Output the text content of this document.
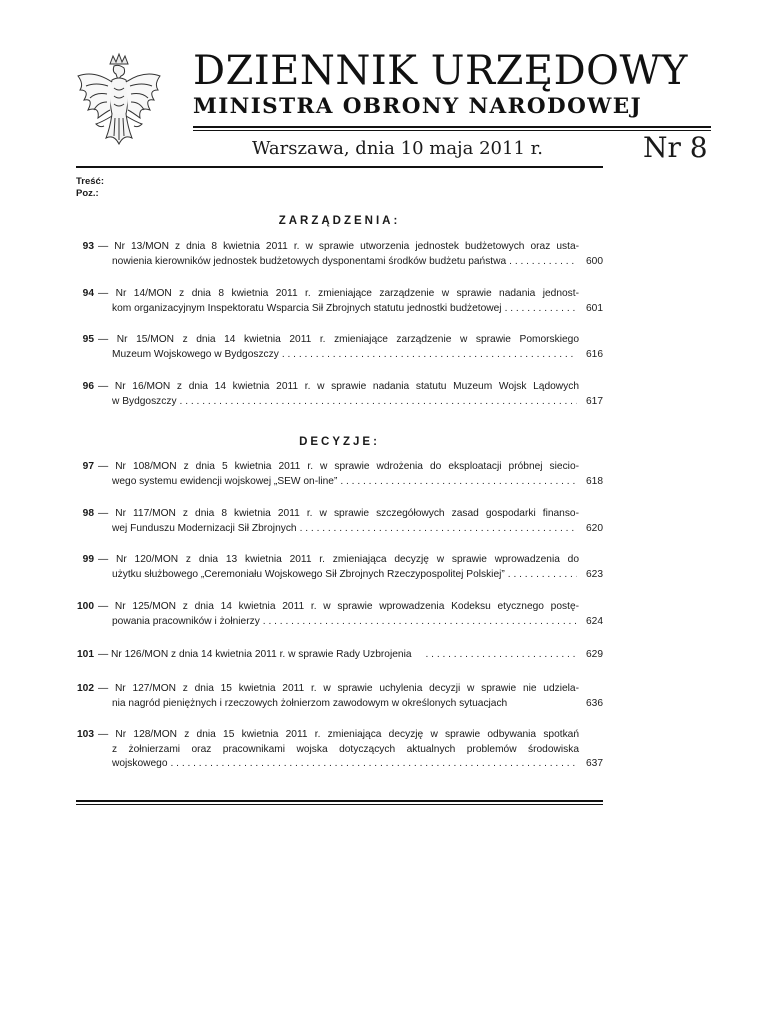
DZIENNIK URZĘDOWY
MINISTRA OBRONY NARODOWEJ
Warszawa, dnia 10 maja 2011 r.	Nr 8
Treść:
Poz.:
ZARZĄDZENIA:
93 — Nr 13/MON z dnia 8 kwietnia 2011 r. w sprawie utworzenia jednostek budżetowych oraz usta-
nowienia kierowników jednostek budżetowych dysponentami środków budżetu państwa . . .	600
94 — Nr 14/MON z dnia 8 kwietnia 2011 r. zmieniające zarządzenie w sprawie nadania jednost-
kom organizacyjnym Inspektoratu Wsparcia Sił Zbrojnych statutu jednostki budżetowej . . .	601
95 — Nr 15/MON z dnia 14 kwietnia 2011 r. zmieniające zarządzenie w sprawie Pomorskiego
Muzeum Wojskowego w Bydgoszczy . . .	616
96 — Nr 16/MON z dnia 14 kwietnia 2011 r. w sprawie nadania statutu Muzeum Wojsk Lądowych
w Bydgoszczy . . .	617
DECYZJE:
97 — Nr 108/MON z dnia 5 kwietnia 2011 r. w sprawie wdrożenia do eksploatacji próbnej siecio-
wego systemu ewidencji wojskowej „SEW on-line” . . .	618
98 — Nr 117/MON z dnia 8 kwietnia 2011 r. w sprawie szczegółowych zasad gospodarki finanso-
wej Funduszu Modernizacji Sił Zbrojnych . . .	620
99 — Nr 120/MON z dnia 13 kwietnia 2011 r. zmieniająca decyzję w sprawie wprowadzenia do
użytku służbowego „Ceremoniału Wojskowego Sił Zbrojnych Rzeczypospolitej Polskiej” . . .	623
100 — Nr 125/MON z dnia 14 kwietnia 2011 r. w sprawie wprowadzenia Kodeksu etycznego postę-
powania pracowników i żołnierzy . . .	624
101 — Nr 126/MON z dnia 14 kwietnia 2011 r. w sprawie Rady Uzbrojenia . . .	629
102 — Nr 127/MON z dnia 15 kwietnia 2011 r. w sprawie uchylenia decyzji w sprawie nie udziela-
nia nagród pieniężnych i rzeczowych żołnierzom zawodowym w określonych sytuacjach	636
103 — Nr 128/MON z dnia 15 kwietnia 2011 r. zmieniająca decyzję w sprawie odbywania spotkań
z żołnierzami oraz pracownikami wojska dotyczących aktualnych problemów środowiska
wojskowego . . .	637
